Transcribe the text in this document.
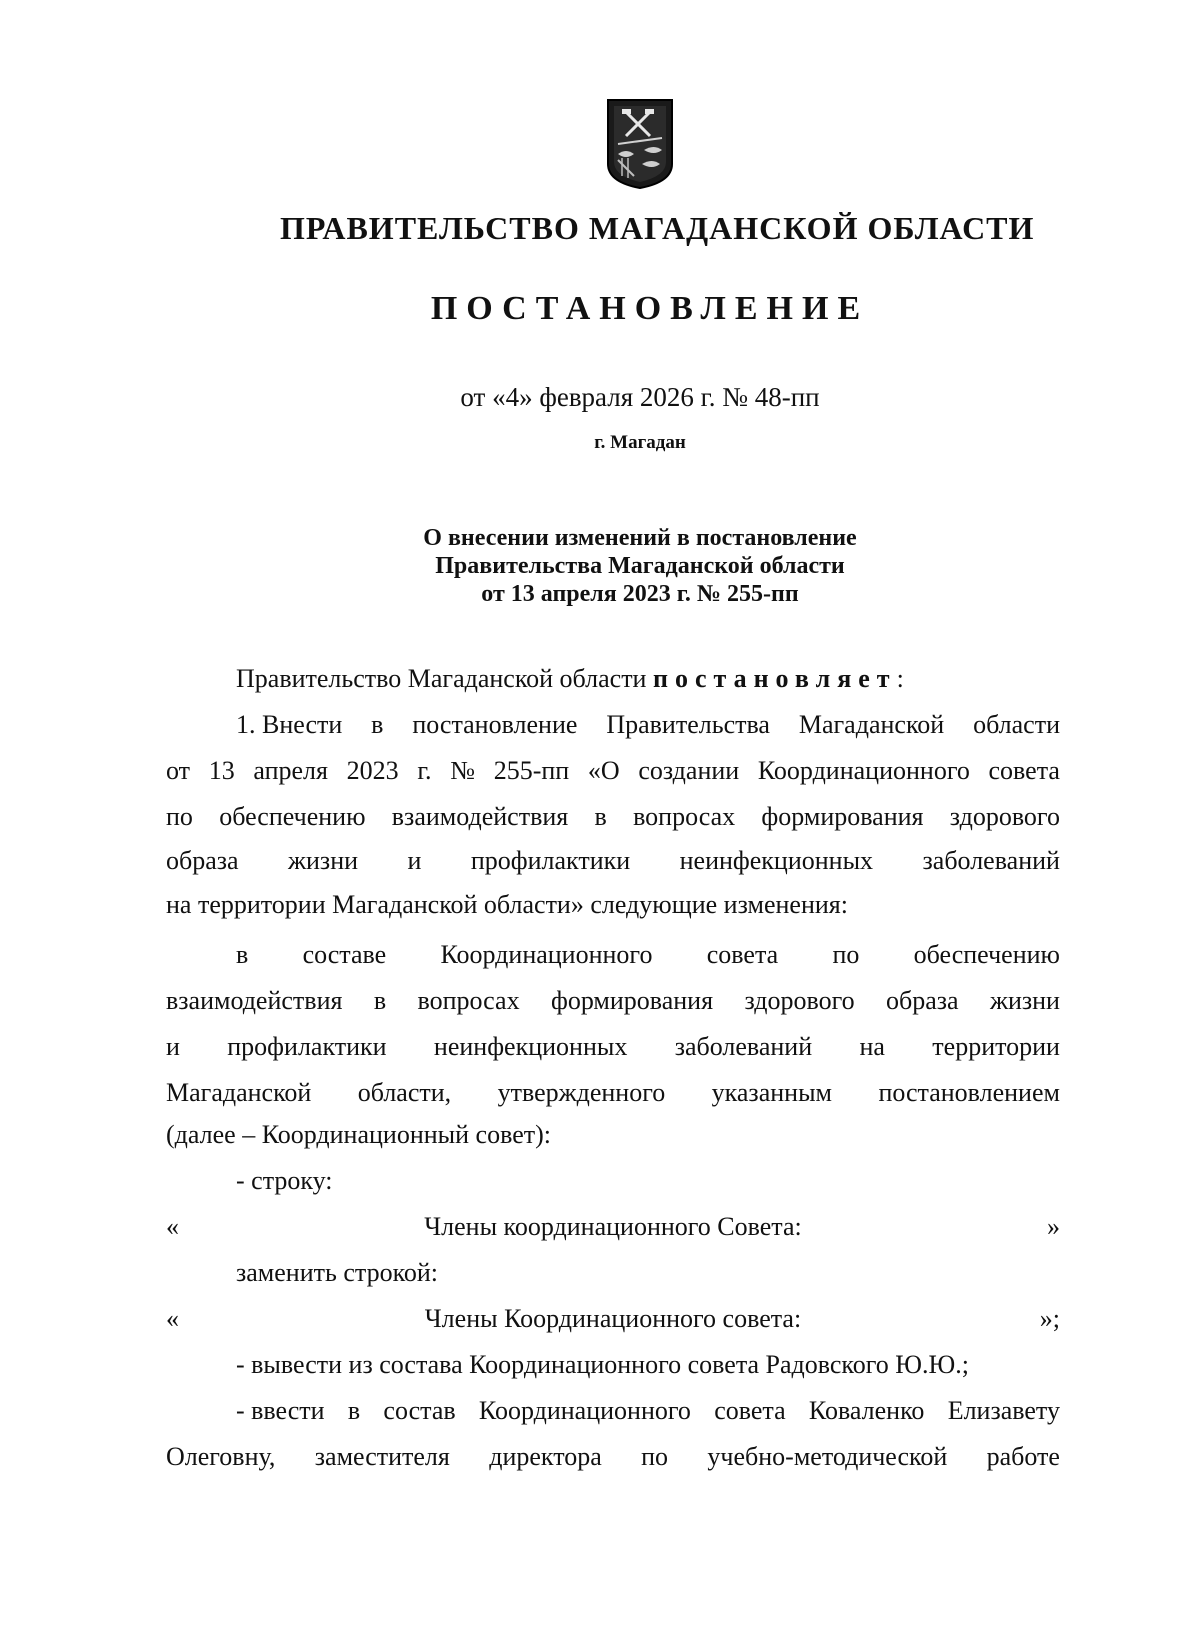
ПРАВИТЕЛЬСТВО МАГАДАНСКОЙ ОБЛАСТИ
ПОСТАНОВЛЕНИЕ
от «4» февраля 2026 г. № 48-пп
г. Магадан
О внесении изменений в постановление
Правительства Магаданской области
от 13 апреля 2023 г. № 255-пп
Правительство Магаданской области постановляет:
1. Внести в постановление Правительства Магаданской области
от 13 апреля 2023 г. № 255-пп «О создании Координационного совета
по обеспечению взаимодействия в вопросах формирования здорового
образа жизни и профилактики неинфекционных заболеваний
на территории Магаданской области» следующие изменения:
в составе Координационного совета по обеспечению
взаимодействия в вопросах формирования здорового образа жизни
и профилактики неинфекционных заболеваний на территории
Магаданской области, утвержденного указанным постановлением
(далее – Координационный совет):
- строку:
«	Члены координационного Совета:	»
заменить строкой:
«	Члены Координационного совета:	»;
- вывести из состава Координационного совета Радовского Ю.Ю.;
- ввести в состав Координационного совета Коваленко Елизавету
Олеговну, заместителя директора по учебно-методической работе
